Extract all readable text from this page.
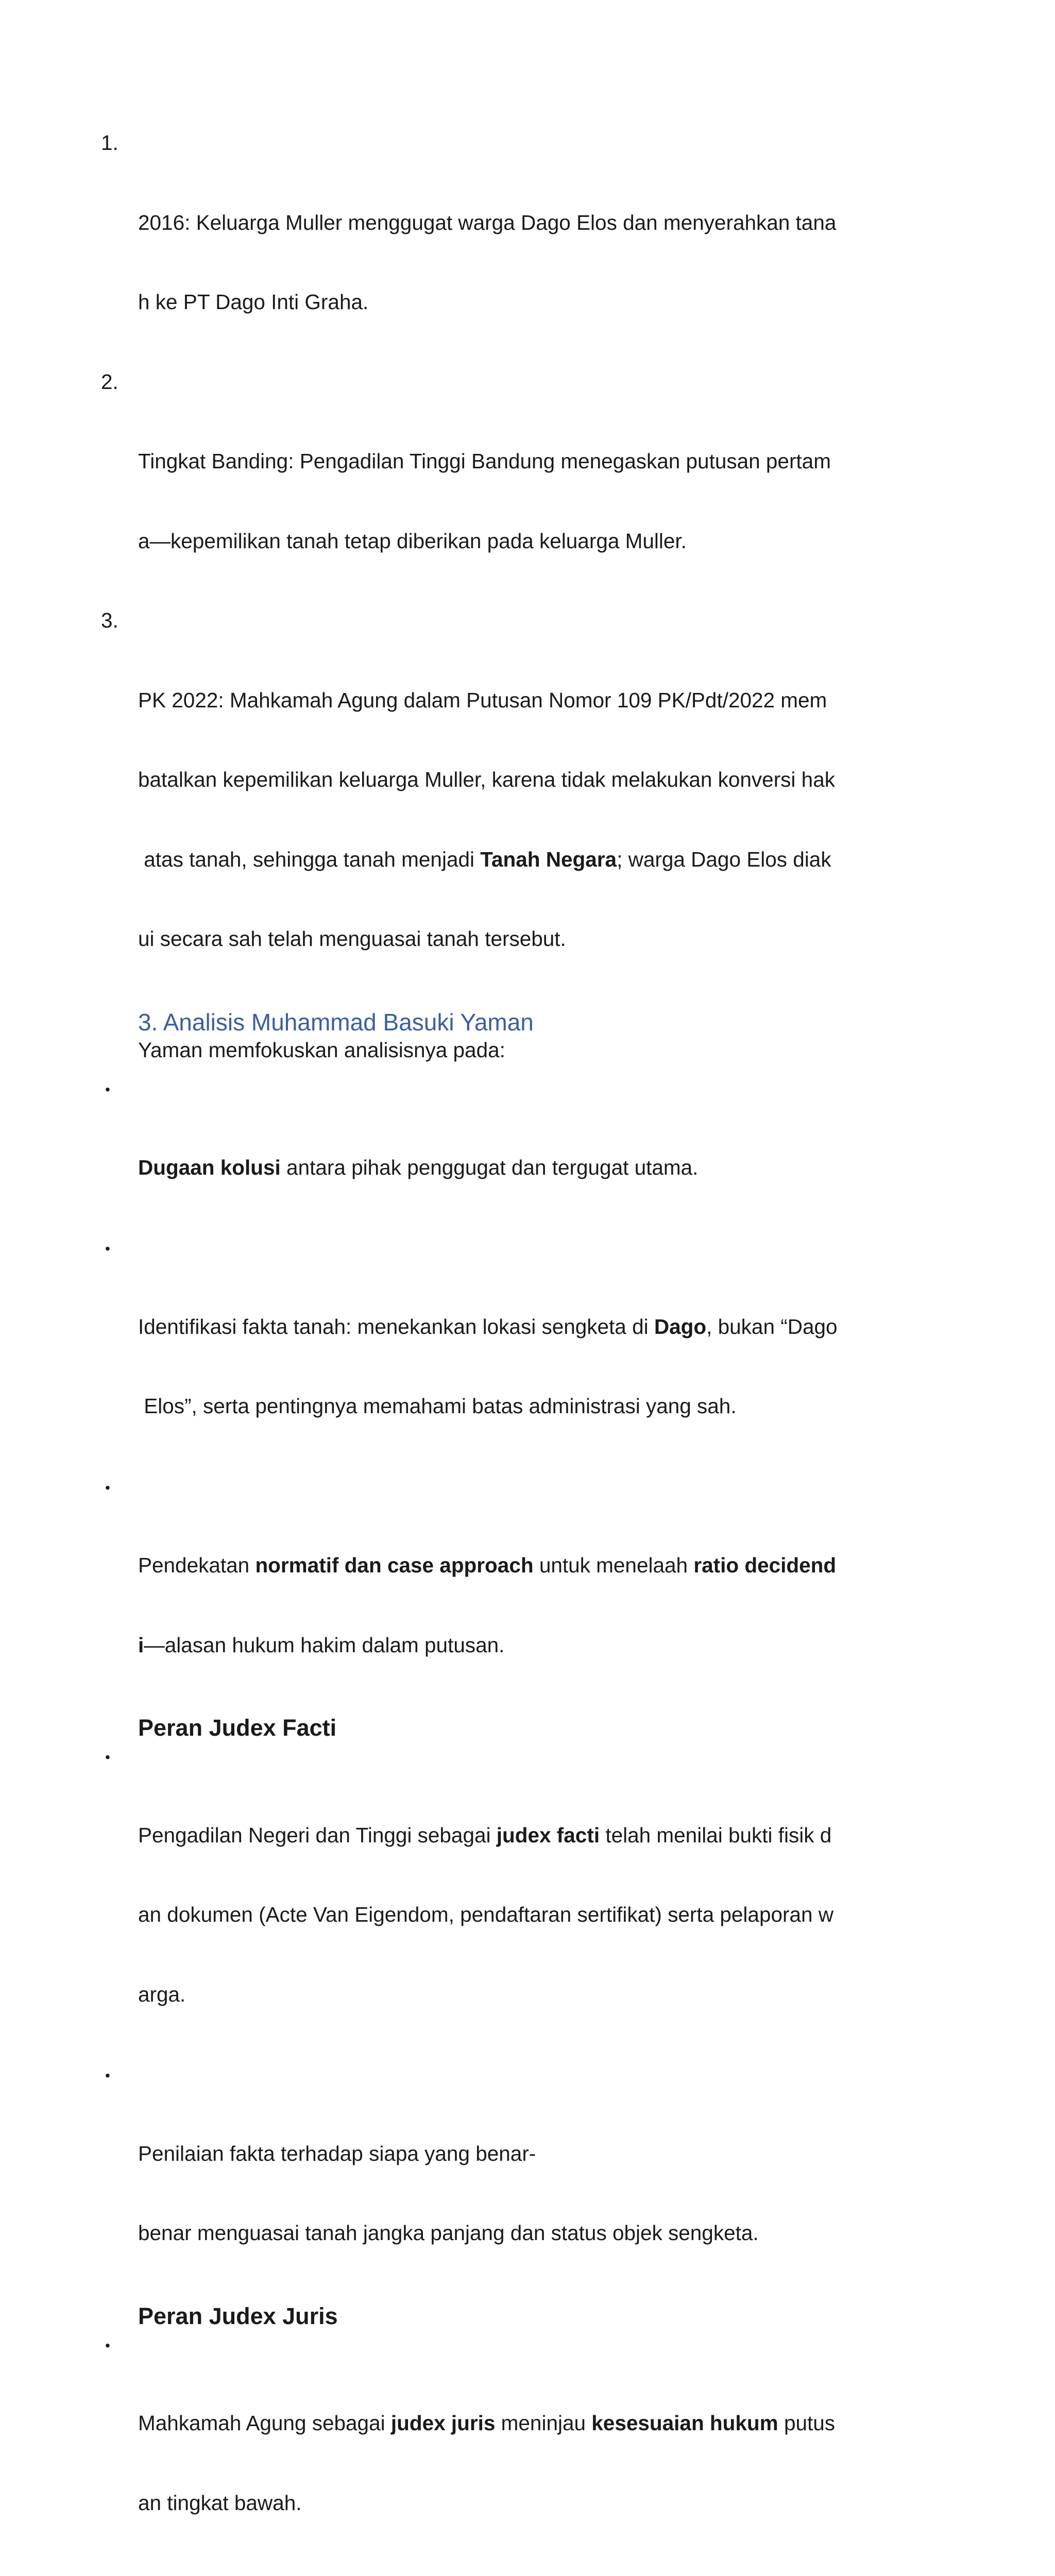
1.

2016: Keluarga Muller menggugat warga Dago Elos dan menyerahkan tana

h ke PT Dago Inti Graha.

2.

Tingkat Banding: Pengadilan Tinggi Bandung menegaskan putusan pertam

a—kepemilikan tanah tetap diberikan pada keluarga Muller.

3.

PK 2022: Mahkamah Agung dalam Putusan Nomor 109 PK/Pdt/2022 mem

batalkan kepemilikan keluarga Muller, karena tidak melakukan konversi hak

atas tanah, sehingga tanah menjadi Tanah Negara; warga Dago Elos diak

ui secara sah telah menguasai tanah tersebut.

3. Analisis Muhammad Basuki Yaman
Yaman memfokuskan analisisnya pada:

•

Dugaan kolusi antara pihak penggugat dan tergugat utama.

•

Identifikasi fakta tanah: menekankan lokasi sengketa di Dago, bukan “Dago

Elos”, serta pentingnya memahami batas administrasi yang sah.

•

Pendekatan normatif dan case approach untuk menelaah ratio decidend

i—alasan hukum hakim dalam putusan.

Peran Judex Facti

•

Pengadilan Negeri dan Tinggi sebagai judex facti telah menilai bukti fisik d

an dokumen (Acte Van Eigendom, pendaftaran sertifikat) serta pelaporan w

arga.

•

Penilaian fakta terhadap siapa yang benar-

benar menguasai tanah jangka panjang dan status objek sengketa.

Peran Judex Juris

•

Mahkamah Agung sebagai judex juris meninjau kesesuaian hukum putus

an tingkat bawah.
